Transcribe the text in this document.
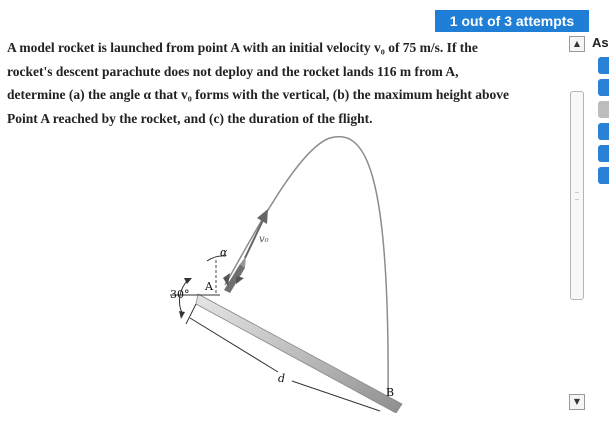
1 out of 3 attempts

A model rocket is launched from point A with an initial velocity v₀ of 75 m/s. If the
rocket's descent parachute does not deploy and the rocket lands 116 m from A,
determine (a) the angle α that v₀ forms with the vertical, (b) the maximum height above
Point A reached by the rocket, and (c) the duration of the flight.

30°
A
B
α
v₀
d
▲
▼
As
